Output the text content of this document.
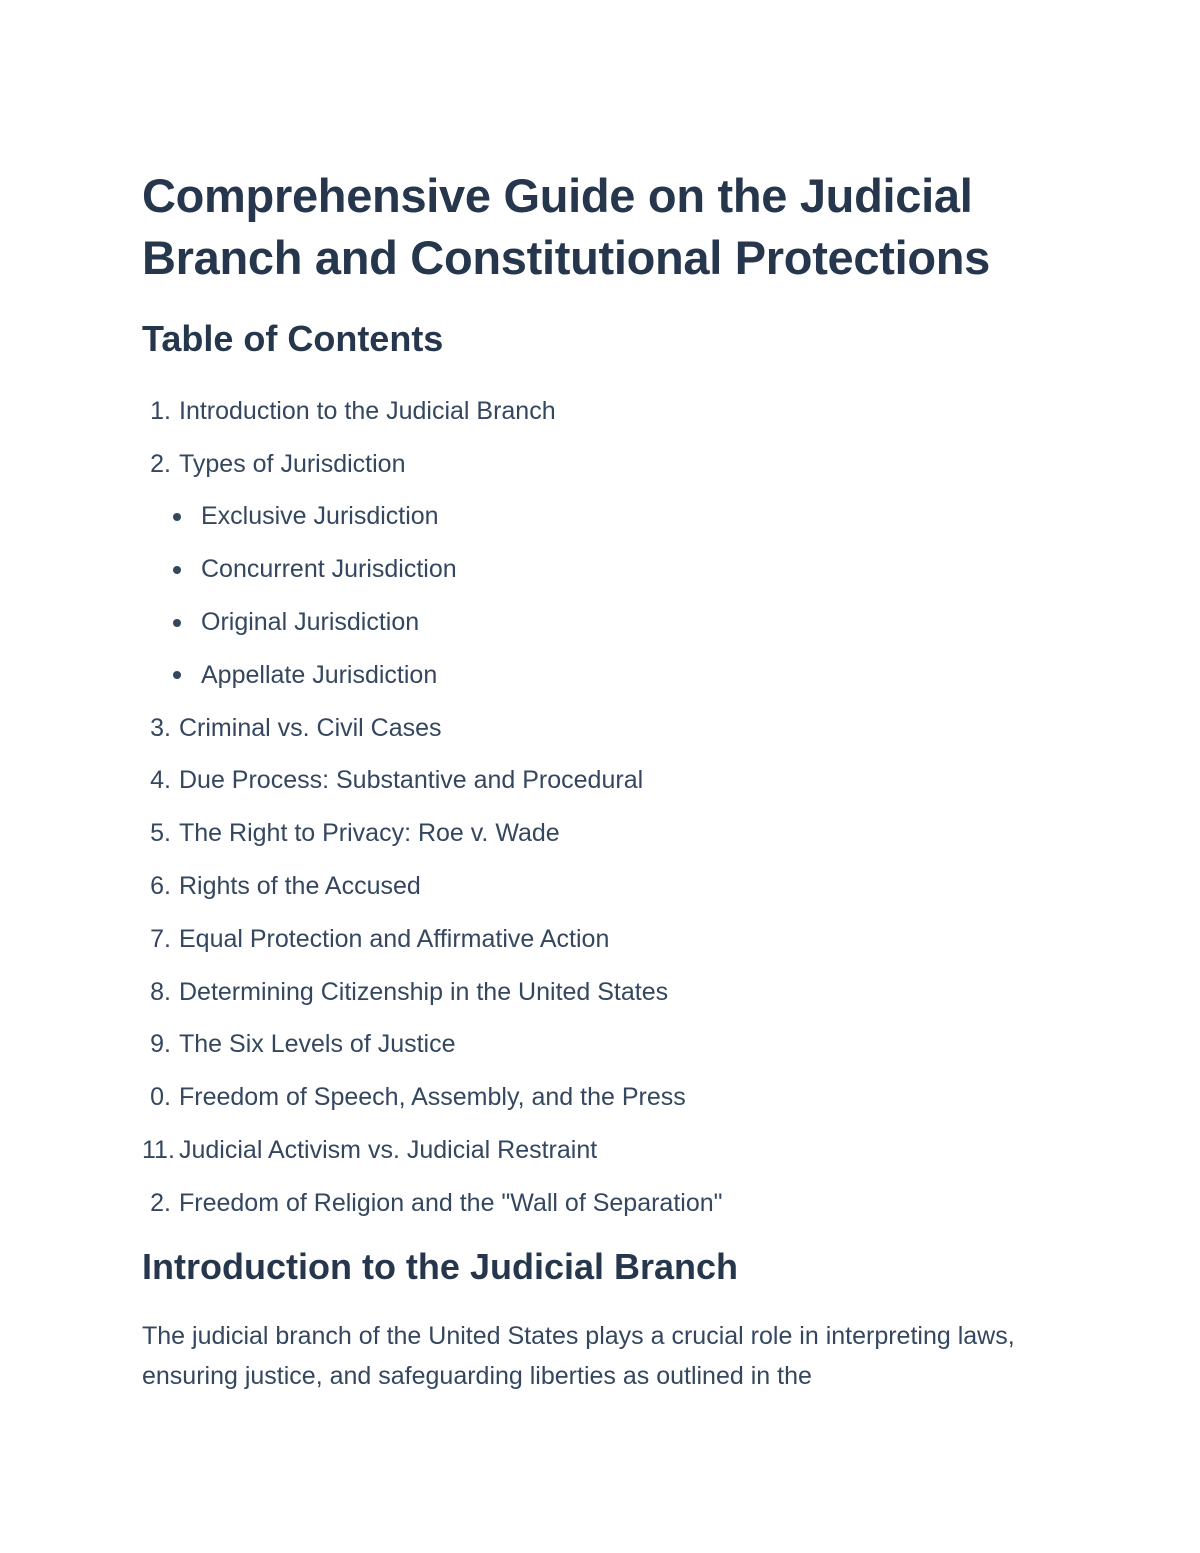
Comprehensive Guide on the Judicial Branch and Constitutional Protections
Table of Contents
1. Introduction to the Judicial Branch
2. Types of Jurisdiction
Exclusive Jurisdiction
Concurrent Jurisdiction
Original Jurisdiction
Appellate Jurisdiction
3. Criminal vs. Civil Cases
4. Due Process: Substantive and Procedural
5. The Right to Privacy: Roe v. Wade
6. Rights of the Accused
7. Equal Protection and Affirmative Action
8. Determining Citizenship in the United States
9. The Six Levels of Justice
0. Freedom of Speech, Assembly, and the Press
11. Judicial Activism vs. Judicial Restraint
2. Freedom of Religion and the "Wall of Separation"
Introduction to the Judicial Branch

The judicial branch of the United States plays a crucial role in interpreting laws, ensuring justice, and safeguarding liberties as outlined in the
